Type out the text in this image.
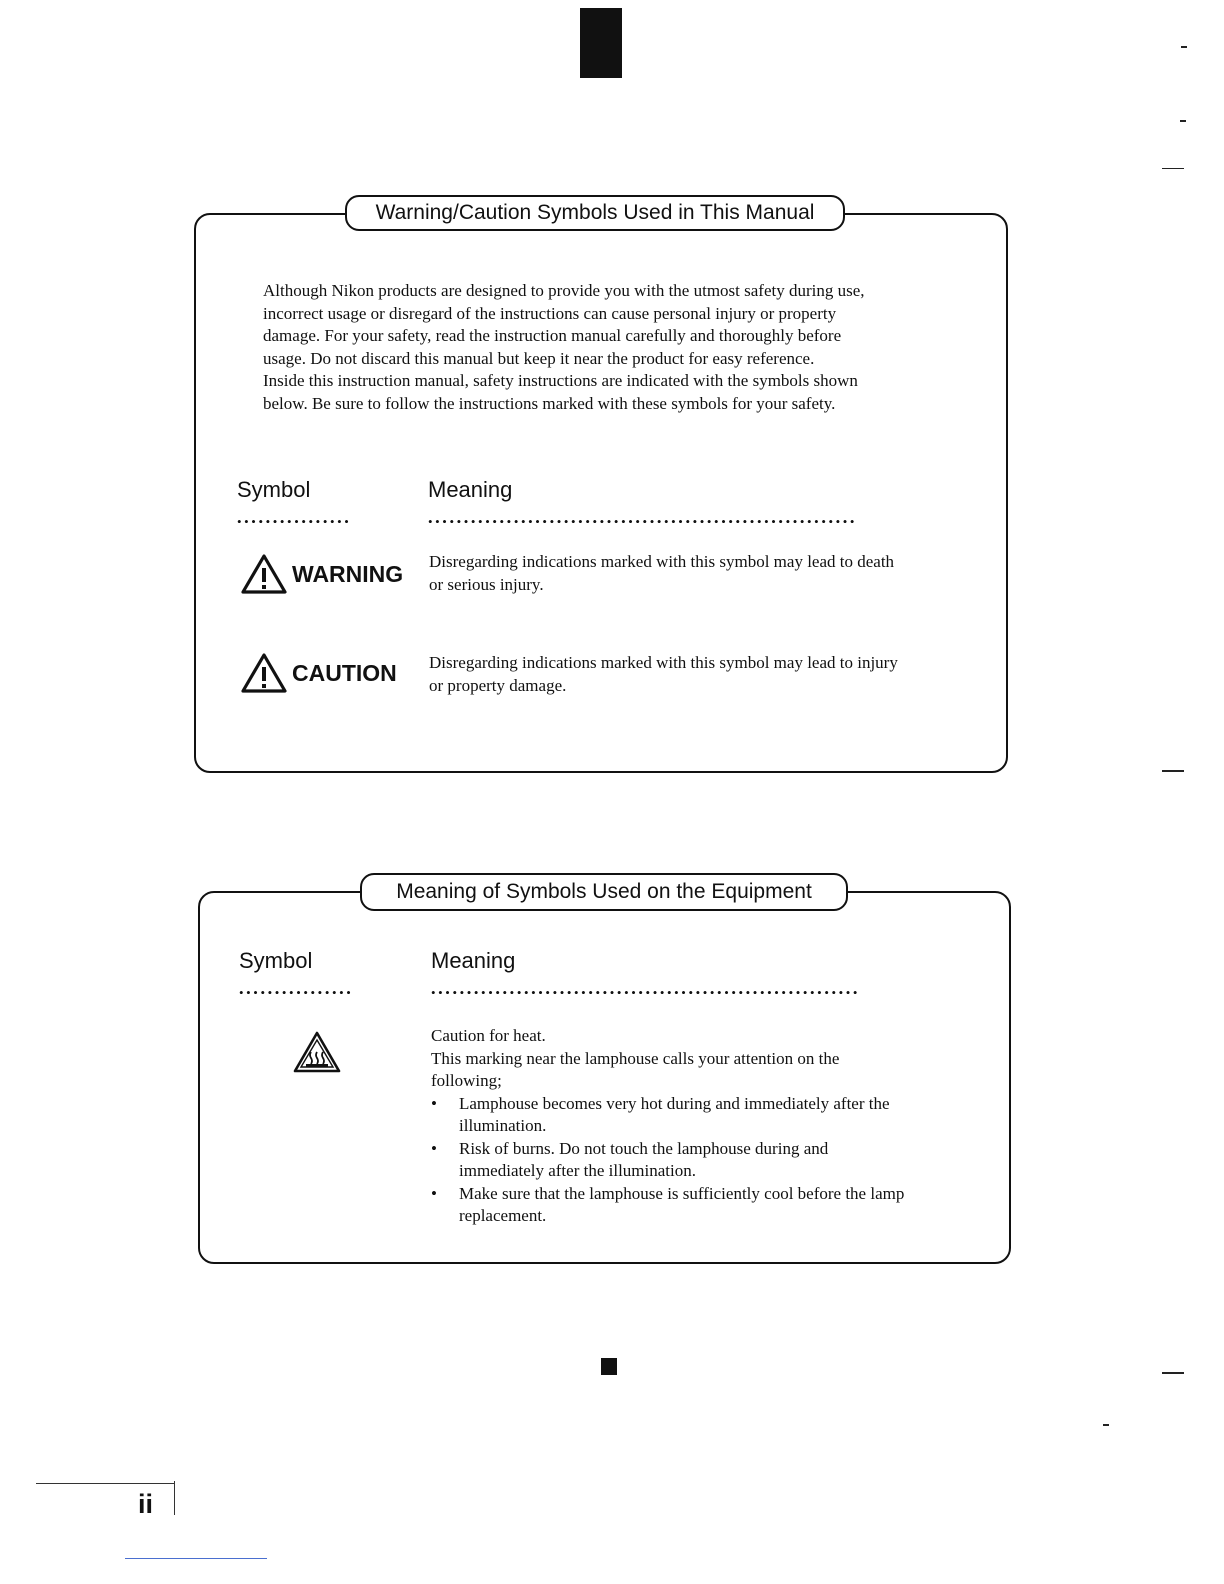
Warning/Caution Symbols Used in This Manual

Although Nikon products are designed to provide you with the utmost safety during use,

incorrect usage or disregard of the instructions can cause personal injury or property

damage. For your safety, read the instruction manual carefully and thoroughly before

usage. Do not discard this manual but keep it near the product for easy reference.

Inside this instruction manual, safety instructions are indicated with the symbols shown

below. Be sure to follow the instructions marked with these symbols for your safety.

Symbol	Meaning
••••••••••••••••	••••••••••••••••••••••••••••••••••••••••••••••••••••••••••••
WARNING Disregarding indications marked with this symbol may lead to death
or serious injury.
CAUTION Disregarding indications marked with this symbol may lead to injury
or property damage.
Meaning of Symbols Used on the Equipment
Symbol	Meaning
••••••••••••••••	••••••••••••••••••••••••••••••••••••••••••••••••••••••••••••
Caution for heat.
This marking near the lamphouse calls your attention on the
following;
• Lamphouse becomes very hot during and immediately after the
illumination.
• Risk of burns. Do not touch the lamphouse during and
immediately after the illumination.
• Make sure that the lamphouse is sufficiently cool before the lamp
replacement.
ii
